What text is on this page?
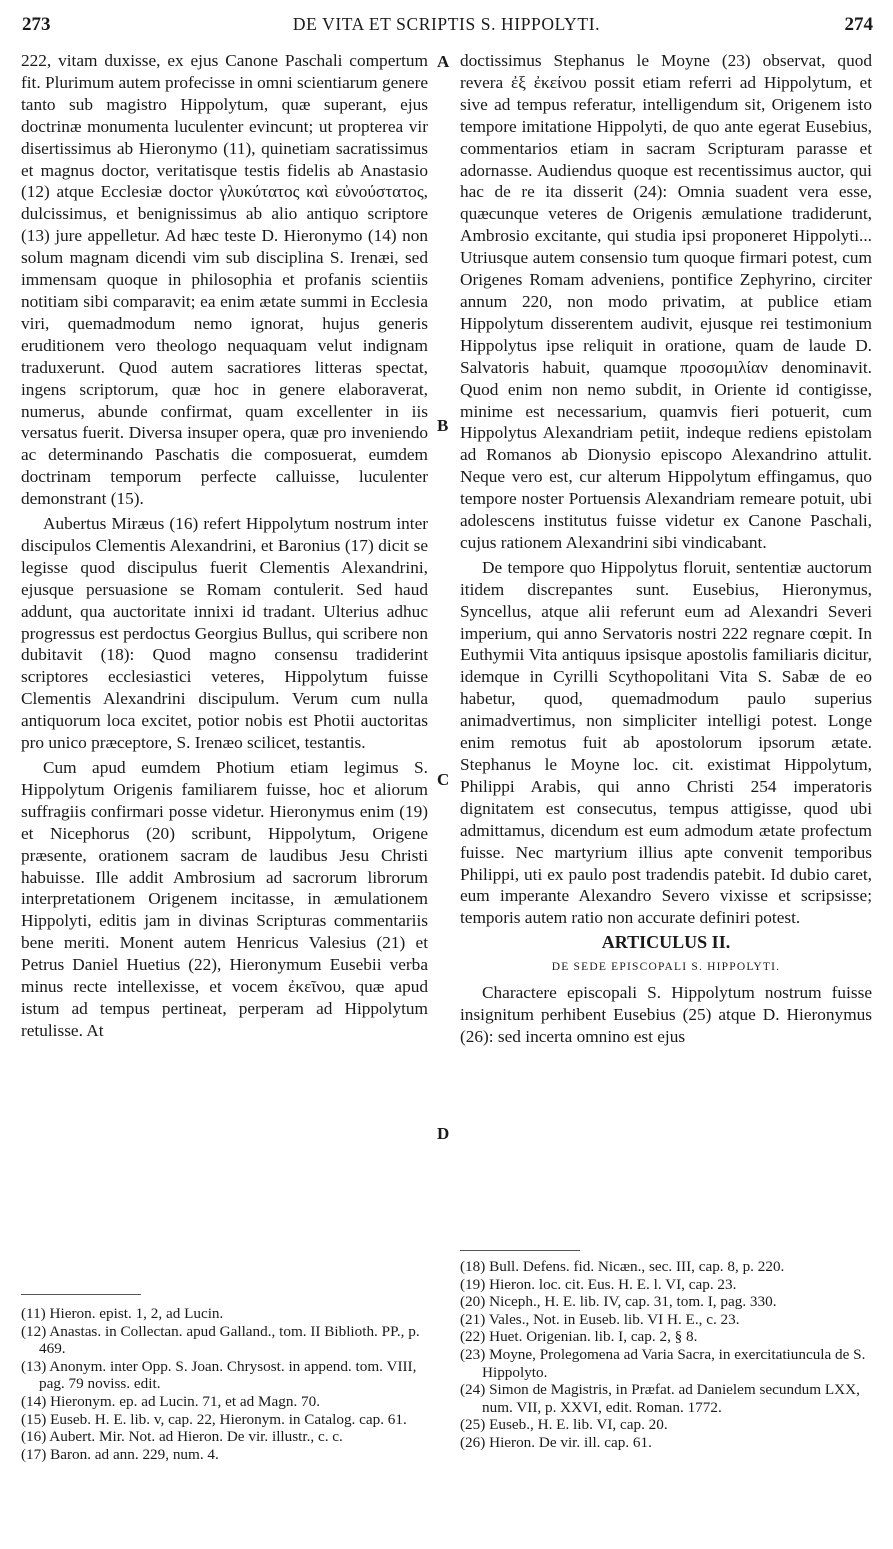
273	DE VITA ET SCRIPTIS S. HIPPOLYTI.	274
A
B
C
D

222, vitam duxisse, ex ejus Canone Paschali compertum fit. Plurimum autem profecisse in omni scientiarum genere tanto sub magistro Hippolytum, quæ superant, ejus doctrinæ monumenta luculenter evincunt; ut propterea vir disertissimus ab Hieronymo (11), quinetiam sacratissimus et magnus doctor, veritatisque testis fidelis ab Anastasio (12) atque Ecclesiæ doctor γλυκύτατος καὶ εὐνούστατος, dulcissimus, et benignissimus ab alio antiquo scriptore (13) jure appelletur. Ad hæc teste D. Hieronymo (14) non solum magnam dicendi vim sub disciplina S. Irenæi, sed immensam quoque in philosophia et profanis scientiis notitiam sibi comparavit; ea enim ætate summi in Ecclesia viri, quemadmodum nemo ignorat, hujus generis eruditionem vero theologo nequaquam velut indignam traduxerunt. Quod autem sacratiores litteras spectat, ingens scriptorum, quæ hoc in genere elaboraverat, numerus, abunde confirmat, quam excellenter in iis versatus fuerit. Diversa insuper opera, quæ pro inveniendo ac determinando Paschatis die composuerat, eumdem doctrinam temporum perfecte calluisse, luculenter demonstrant (15).

Aubertus Miræus (16) refert Hippolytum nostrum inter discipulos Clementis Alexandrini, et Baronius (17) dicit se legisse quod discipulus fuerit Clementis Alexandrini, ejusque persuasione se Romam contulerit. Sed haud addunt, qua auctoritate innixi id tradant. Ulterius adhuc progressus est perdoctus Georgius Bullus, qui scribere non dubitavit (18): Quod magno consensu tradiderint scriptores ecclesiastici veteres, Hippolytum fuisse Clementis Alexandrini discipulum. Verum cum nulla antiquorum loca excitet, potior nobis est Photii auctoritas pro unico præceptore, S. Irenæo scilicet, testantis.

Cum apud eumdem Photium etiam legimus S. Hippolytum Origenis familiarem fuisse, hoc et aliorum suffragiis confirmari posse videtur. Hieronymus enim (19) et Nicephorus (20) scribunt, Hippolytum, Origene præsente, orationem sacram de laudibus Jesu Christi habuisse. Ille addit Ambrosium ad sacrorum librorum interpretationem Origenem incitasse, in æmulationem Hippolyti, editis jam in divinas Scripturas commentariis bene meriti. Monent autem Henricus Valesius (21) et Petrus Daniel Huetius (22), Hieronymum Eusebii verba minus recte intellexisse, et vocem ἐκεῖνου, quæ apud istum ad tempus pertineat, perperam ad Hippolytum retulisse. At

doctissimus Stephanus le Moyne (23) observat, quod revera ἐξ ἐκείνου possit etiam referri ad Hippolytum, et sive ad tempus referatur, intelligendum sit, Origenem isto tempore imitatione Hippolyti, de quo ante egerat Eusebius, commentarios etiam in sacram Scripturam parasse et adornasse. Audiendus quoque est recentissimus auctor, qui hac de re ita disserit (24): Omnia suadent vera esse, quæcunque veteres de Origenis æmulatione tradiderunt, Ambrosio excitante, qui studia ipsi proponeret Hippolyti... Utriusque autem consensio tum quoque firmari potest, cum Origenes Romam adveniens, pontifice Zephyrino, circiter annum 220, non modo privatim, at publice etiam Hippolytum disserentem audivit, ejusque rei testimonium Hippolytus ipse reliquit in oratione, quam de laude D. Salvatoris habuit, quamque προσομιλίαν denominavit. Quod enim non nemo subdit, in Oriente id contigisse, minime est necessarium, quamvis fieri potuerit, cum Hippolytus Alexandriam petiit, indeque rediens epistolam ad Romanos ab Dionysio episcopo Alexandrino attulit. Neque vero est, cur alterum Hippolytum effingamus, quo tempore noster Portuensis Alexandriam remeare potuit, ubi adolescens institutus fuisse videtur ex Canone Paschali, cujus rationem Alexandrini sibi vindicabant.

De tempore quo Hippolytus floruit, sententiæ auctorum itidem discrepantes sunt. Eusebius, Hieronymus, Syncellus, atque alii referunt eum ad Alexandri Severi imperium, qui anno Servatoris nostri 222 regnare cœpit. In Euthymii Vita antiquus ipsisque apostolis familiaris dicitur, idemque in Cyrilli Scythopolitani Vita S. Sabæ de eo habetur, quod, quemadmodum paulo superius animadvertimus, non simpliciter intelligi potest. Longe enim remotus fuit ab apostolorum ipsorum ætate. Stephanus le Moyne loc. cit. existimat Hippolytum, Philippi Arabis, qui anno Christi 254 imperatoris dignitatem est consecutus, tempus attigisse, quod ubi admittamus, dicendum est eum admodum ætate profectum fuisse. Nec martyrium illius apte convenit temporibus Philippi, uti ex paulo post tradendis patebit. Id dubio caret, eum imperante Alexandro Severo vixisse et scripsisse; temporis autem ratio non accurate definiri potest.

ARTICULUS II.

DE SEDE EPISCOPALI S. HIPPOLYTI.

Charactere episcopali S. Hippolytum nostrum fuisse insignitum perhibent Eusebius (25) atque D. Hieronymus (26): sed incerta omnino est ejus

(11) Hieron. epist. 1, 2, ad Lucin.
(12) Anastas. in Collectan. apud Galland., tom. II Biblioth. PP., p. 469.
(13) Anonym. inter Opp. S. Joan. Chrysost. in append. tom. VIII, pag. 79 noviss. edit.
(14) Hieronym. ep. ad Lucin. 71, et ad Magn. 70.
(15) Euseb. H. E. lib. v, cap. 22, Hieronym. in Catalog. cap. 61.
(16) Aubert. Mir. Not. ad Hieron. De vir. illustr., c. c.
(17) Baron. ad ann. 229, num. 4.
(18) Bull. Defens. fid. Nicæn., sec. III, cap. 8, p. 220.
(19) Hieron. loc. cit. Eus. H. E. l. VI, cap. 23.
(20) Niceph., H. E. lib. IV, cap. 31, tom. I, pag. 330.
(21) Vales., Not. in Euseb. lib. VI H. E., c. 23.
(22) Huet. Origenian. lib. I, cap. 2, § 8.
(23) Moyne, Prolegomena ad Varia Sacra, in exercitatiuncula de S. Hippolyto.
(24) Simon de Magistris, in Præfat. ad Danielem secundum LXX, num. VII, p. XXVI, edit. Roman. 1772.
(25) Euseb., H. E. lib. VI, cap. 20.
(26) Hieron. De vir. ill. cap. 61.
